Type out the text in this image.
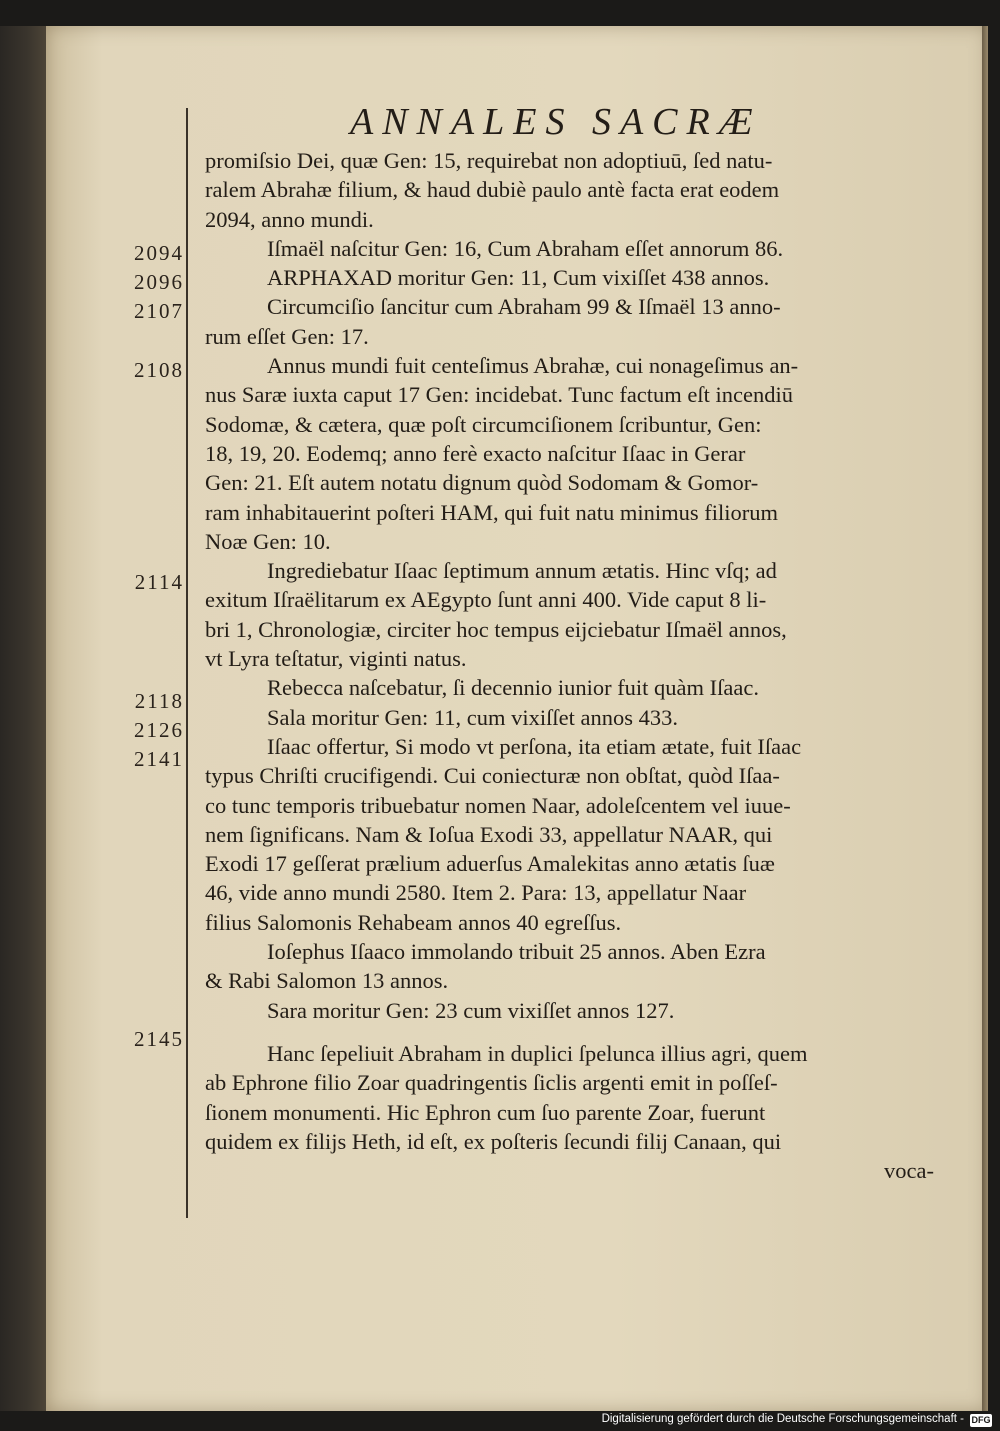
ANNALES SACRÆ
2094
2096
2107
2108
2114
2118
2126
2141
2145
promiſsio Dei, quæ Gen: 15, requirebat non adoptiuū, ſed natu-
ralem Abrahæ filium, & haud dubiè paulo antè facta erat eodem
2094, anno mundi.
Iſmaël naſcitur Gen: 16, Cum Abraham eſſet annorum 86.
ARPHAXAD moritur Gen: 11, Cum vixiſſet 438 annos.
Circumciſio ſancitur cum Abraham 99 & Iſmaël 13 anno-
rum eſſet Gen: 17.
Annus mundi fuit centeſimus Abrahæ, cui nonageſimus an-
nus Saræ iuxta caput 17 Gen: incidebat. Tunc factum eſt incendiū
Sodomæ, & cætera, quæ poſt circumciſionem ſcribuntur, Gen:
18, 19, 20. Eodemq; anno ferè exacto naſcitur Iſaac in Gerar
Gen: 21. Eſt autem notatu dignum quòd Sodomam & Gomor-
ram inhabitauerint poſteri HAM, qui fuit natu minimus filiorum
Noæ Gen: 10.
Ingrediebatur Iſaac ſeptimum annum ætatis. Hinc vſq; ad
exitum Iſraëlitarum ex AEgypto ſunt anni 400. Vide caput 8 li-
bri 1, Chronologiæ, circiter hoc tempus eijciebatur Iſmaël annos,
vt Lyra teſtatur, viginti natus.
Rebecca naſcebatur, ſi decennio iunior fuit quàm Iſaac.
Sala moritur Gen: 11, cum vixiſſet annos 433.
Iſaac offertur, Si modo vt perſona, ita etiam ætate, fuit Iſaac
typus Chriſti crucifigendi. Cui coniecturæ non obſtat, quòd Iſaa-
co tunc temporis tribuebatur nomen Naar, adoleſcentem vel iuue-
nem ſignificans. Nam & Ioſua Exodi 33, appellatur NAAR, qui
Exodi 17 geſſerat prælium aduerſus Amalekitas anno ætatis ſuæ
46, vide anno mundi 2580. Item 2. Para: 13, appellatur Naar
filius Salomonis Rehabeam annos 40 egreſſus.
Ioſephus Iſaaco immolando tribuit 25 annos. Aben Ezra
& Rabi Salomon 13 annos.
Sara moritur Gen: 23 cum vixiſſet annos 127.
Hanc ſepeliuit Abraham in duplici ſpelunca illius agri, quem
ab Ephrone filio Zoar quadringentis ſiclis argenti emit in poſſeſ-
ſionem monumenti. Hic Ephron cum ſuo parente Zoar, fuerunt
quidem ex filijs Heth, id eſt, ex poſteris ſecundi filij Canaan, qui
voca-
Digitalisierung gefördert durch die Deutsche Forschungsgemeinschaft - DFG
